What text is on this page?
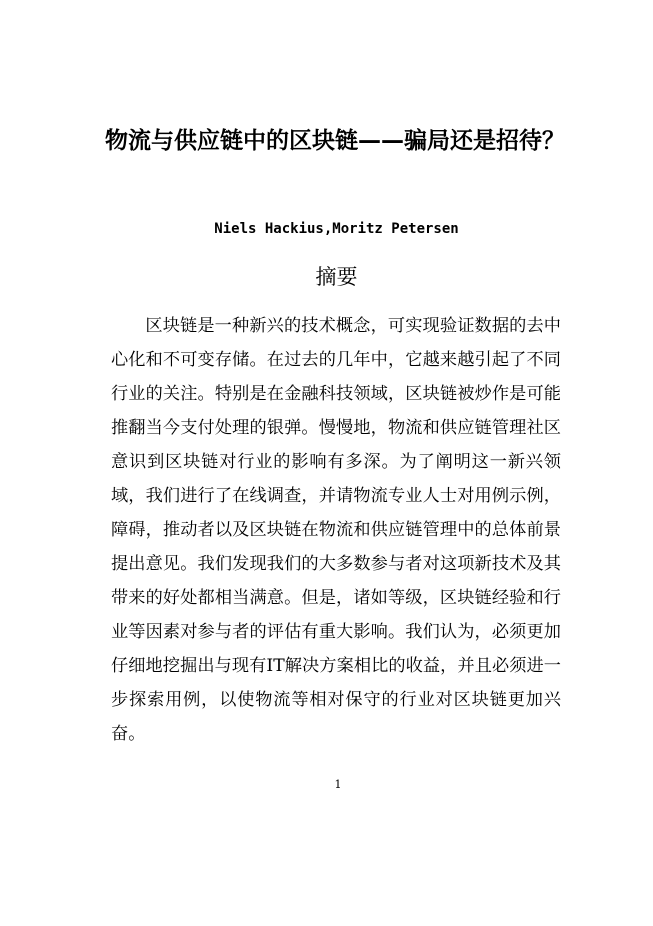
物流与供应链中的区块链——骗局还是招待？
Niels Hackius,Moritz Petersen
摘要

区块链是一种新兴的技术概念，可实现验证数据的去中心化和不可变存储。在过去的几年中，它越来越引起了不同行业的关注。特别是在金融科技领域，区块链被炒作是可能推翻当今支付处理的银弹。慢慢地，物流和供应链管理社区意识到区块链对行业的影响有多深。为了阐明这一新兴领域，我们进行了在线调查，并请物流专业人士对用例示例，障碍，推动者以及区块链在物流和供应链管理中的总体前景提出意见。我们发现我们的大多数参与者对这项新技术及其带来的好处都相当满意。但是，诸如等级，区块链经验和行业等因素对参与者的评估有重大影响。我们认为，必须更加仔细地挖掘出与现有IT解决方案相比的收益，并且必须进一步探索用例，以使物流等相对保守的行业对区块链更加兴奋。

1
